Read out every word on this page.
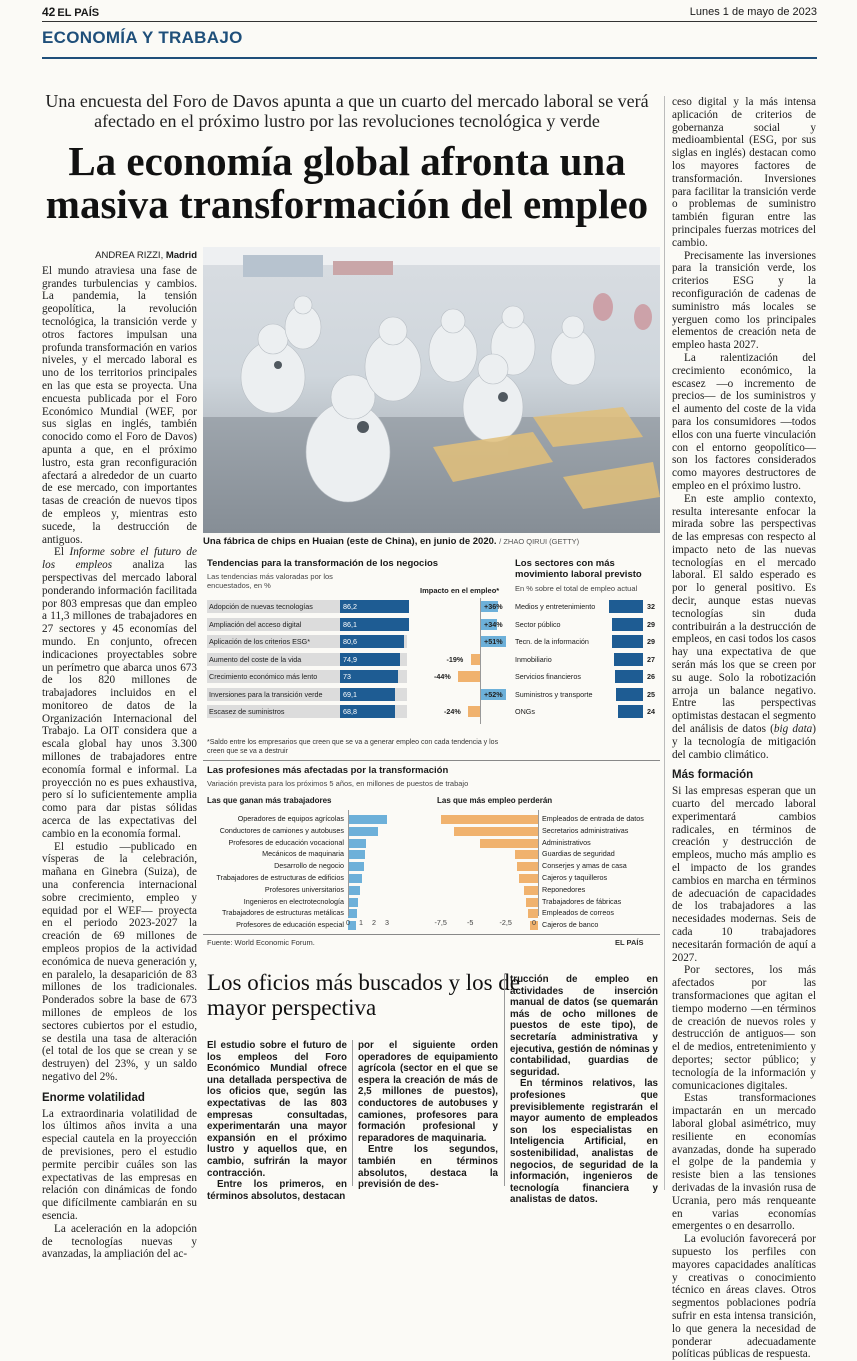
42 EL PAÍS	Lunes 1 de mayo de 2023
ECONOMÍA Y TRABAJO
Una encuesta del Foro de Davos apunta a que un cuarto del mercado laboral se verá afectado en el próximo lustro por las revoluciones tecnológica y verde
La economía global afronta una masiva transformación del empleo
ANDREA RIZZI, Madrid

El mundo atraviesa una fase de grandes turbulencias y cambios. La pandemia, la tensión geopolítica, la revolución tecnológica, la transición verde y otros factores impulsan una profunda transformación en varios niveles, y el mercado laboral es uno de los territorios principales en las que esta se proyecta. Una encuesta publicada por el Foro Económico Mundial (WEF, por sus siglas en inglés, también conocido como el Foro de Davos) apunta a que, en el próximo lustro, esta gran reconfiguración afectará a alrededor de un cuarto de ese mercado, con importantes tasas de creación de nuevos tipos de empleos y, mientras esto sucede, la destrucción de antiguos.

El Informe sobre el futuro de los empleos analiza las perspectivas del mercado laboral ponderando información facilitada por 803 empresas que dan empleo a 11,3 millones de trabajadores en 27 sectores y 45 economías del mundo. En conjunto, ofrecen indicaciones proyectables sobre un perímetro que abarca unos 673 de los 820 millones de trabajadores incluidos en el monitoreo de datos de la Organización Internacional del Trabajo. La OIT considera que a escala global hay unos 3.300 millones de trabajadores entre economía formal e informal. La proyección no es pues exhaustiva, pero sí lo suficientemente amplia como para dar pistas sólidas acerca de las expectativas del cambio en la economía formal.

El estudio —publicado en vísperas de la celebración, mañana en Ginebra (Suiza), de una conferencia internacional sobre crecimiento, empleo y equidad por el WEF— proyecta en el periodo 2023-2027 la creación de 69 millones de empleos propios de la actividad económica de nueva generación y, en paralelo, la desaparición de 83 millones de los tradicionales. Ponderados sobre la base de 673 millones de empleos de los sectores cubiertos por el estudio, se destila una tasa de alteración (el total de los que se crean y se destruyen) del 23%, y un saldo negativo del 2%.

Enorme volatilidad

La extraordinaria volatilidad de los últimos años invita a una especial cautela en la proyección de previsiones, pero el estudio permite percibir cuáles son las expectativas de las empresas en relación con dinámicas de fondo que difícilmente cambiarán en su esencia.

La aceleración en la adopción de tecnologías nuevas y avanzadas, la ampliación del ac-

Una fábrica de chips en Huaian (este de China), en junio de 2020. / ZHAO QIRUI (GETTY)
Tendencias para la transformación de los negocios
Las tendencias más valoradas por los encuestados, en %
Impacto en el empleo*
*Saldo entre los empresarios que creen que se va a generar empleo con cada tendencia y los creen que se va a destruir
Los sectores con más movimiento laboral previsto
En % sobre el total de empleo actual
Las profesiones más afectadas por la transformación
Variación prevista para los próximos 5 años, en millones de puestos de trabajo
Las que ganan más trabajadores	Las que más empleo perderán
Fuente: World Economic Forum.	EL PAÍS
Adopción de nuevas tecnologías	86,2	+36%
Ampliación del acceso digital	86,1	+34%
Aplicación de los criterios ESG*	80,6	+51%
Aumento del coste de la vida	74,9	-19%
Crecimiento económico más lento	73	-44%
Inversiones para la transición verde	69,1	+52%
Escasez de suministros	68,8	-24%
Medios y entretenimiento	32
Sector público	29
Tecn. de la información	29
Inmobiliario	27
Servicios financieros	26
Suministros y transporte	25
ONGs	24
Operadores de equipos agrícolas
Conductores de camiones y autobuses
Profesores de educación vocacional
Mecánicos de maquinaria
Desarrollo de negocio
Trabajadores de estructuras de edificios
Profesores universitarios
Ingenieros en electrotecnología
Trabajadores de estructuras metálicas
Profesores de educación especial 0 1 2 3
Empleados de entrada de datos
Secretarios administrativas
Administrativos
Guardias de seguridad
Conserjes y amas de casa
Cajeros y taquilleros
Reponedores
Trabajadores de fábricas
Empleados de correos
Cajeros de banco
-7,5	-5	-2,5	0

ceso digital y la más intensa aplicación de criterios de gobernanza social y medioambiental (ESG, por sus siglas en inglés) destacan como los mayores factores de transformación. Inversiones para facilitar la transición verde o problemas de suministro también figuran entre las principales fuerzas motrices del cambio.

Precisamente las inversiones para la transición verde, los criterios ESG y la reconfiguración de cadenas de suministro más locales se yerguen como los principales elementos de creación neta de empleo hasta 2027.

La ralentización del crecimiento económico, la escasez —o incremento de precios— de los suministros y el aumento del coste de la vida para los consumidores —todos ellos con una fuerte vinculación con el entorno geopolítico— son los factores considerados como mayores destructores de empleo en el próximo lustro.

En este amplio contexto, resulta interesante enfocar la mirada sobre las perspectivas de las empresas con respecto al impacto neto de las nuevas tecnologías en el mercado laboral. El saldo esperado es por lo general positivo. Es decir, aunque estas nuevas tecnologías sin duda contribuirán a la destrucción de empleos, en casi todos los casos hay una expectativa de que serán más los que se creen por su auge. Solo la robotización arroja un balance negativo. Entre las perspectivas optimistas destacan el segmento del análisis de datos (big data) y la tecnología de mitigación del cambio climático.

Más formación

Si las empresas esperan que un cuarto del mercado laboral experimentará cambios radicales, en términos de creación y destrucción de empleos, mucho más amplio es el impacto de los grandes cambios en marcha en términos de adecuación de capacidades de los trabajadores a las necesidades modernas. Seis de cada 10 trabajadores necesitarán formación de aquí a 2027.

Por sectores, los más afectados por las transformaciones que agitan el tiempo moderno —en términos de creación de nuevos roles y destrucción de antiguos— son el de medios, entretenimiento y deportes; sector público; y tecnología de la información y comunicaciones digitales.

Estas transformaciones impactarán en un mercado laboral global asimétrico, muy resiliente en economías avanzadas, donde ha superado el golpe de la pandemia y resiste bien a las tensiones derivadas de la invasión rusa de Ucrania, pero más renqueante en varias economías emergentes o en desarrollo.

La evolución favorecerá por supuesto los perfiles con mayores capacidades analíticas y creativas o conocimiento técnico en áreas claves. Otros segmentos poblaciones podría sufrir en esta intensa transición, lo que genera la necesidad de ponderar adecuadamente políticas públicas de respuesta.

Los oficios más buscados y los de mayor perspectiva

El estudio sobre el futuro de los empleos del Foro Económico Mundial ofrece una detallada perspectiva de los oficios que, según las expectativas de las 803 empresas consultadas, experimentarán una mayor expansión en el próximo lustro y aquellos que, en cambio, sufrirán la mayor contracción.

Entre los primeros, en términos absolutos, destacan

por el siguiente orden operadores de equipamiento agrícola (sector en el que se espera la creación de más de 2,5 millones de puestos), conductores de autobuses y camiones, profesores para formación profesional y reparadores de maquinaria.

Entre los segundos, también en términos absolutos, destaca la previsión de des-

trucción de empleo en actividades de inserción manual de datos (se quemarán más de ocho millones de puestos de este tipo), de secretaría administrativa y ejecutiva, gestión de nóminas y contabilidad, guardias de seguridad.

En términos relativos, las profesiones que previsiblemente registrarán el mayor aumento de empleados son los especialistas en Inteligencia Artificial, en sostenibilidad, analistas de negocios, de seguridad de la información, ingenieros de tecnología financiera y analistas de datos.
